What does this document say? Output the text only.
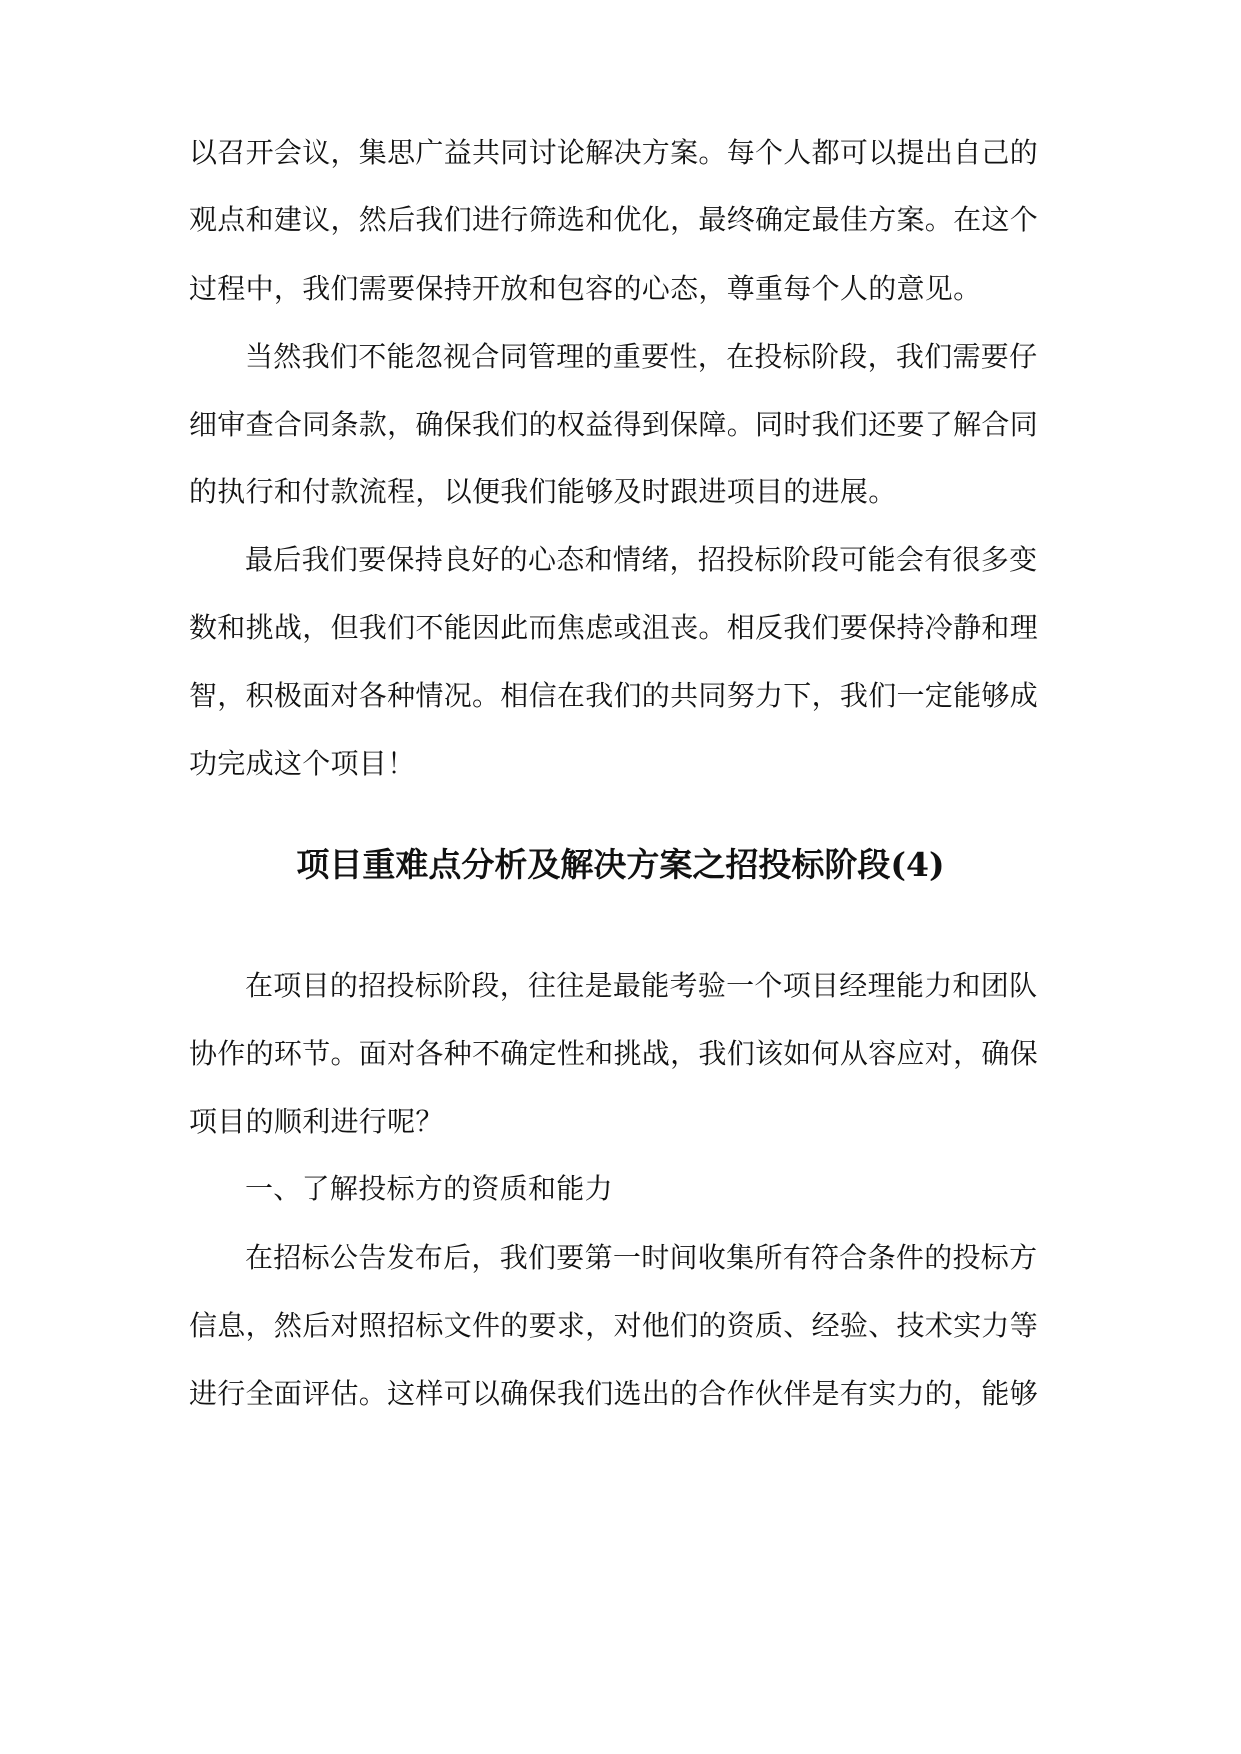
以召开会议，集思广益共同讨论解决方案。每个人都可以提出自己的
观点和建议，然后我们进行筛选和优化，最终确定最佳方案。在这个
过程中，我们需要保持开放和包容的心态，尊重每个人的意见。
当然我们不能忽视合同管理的重要性，在投标阶段，我们需要仔
细审查合同条款，确保我们的权益得到保障。同时我们还要了解合同
的执行和付款流程，以便我们能够及时跟进项目的进展。
最后我们要保持良好的心态和情绪，招投标阶段可能会有很多变
数和挑战，但我们不能因此而焦虑或沮丧。相反我们要保持冷静和理
智，积极面对各种情况。相信在我们的共同努力下，我们一定能够成
功完成这个项目！
项目重难点分析及解决方案之招投标阶段(4)
在项目的招投标阶段，往往是最能考验一个项目经理能力和团队
协作的环节。面对各种不确定性和挑战，我们该如何从容应对，确保
项目的顺利进行呢？
一、了解投标方的资质和能力
在招标公告发布后，我们要第一时间收集所有符合条件的投标方
信息，然后对照招标文件的要求，对他们的资质、经验、技术实力等
进行全面评估。这样可以确保我们选出的合作伙伴是有实力的，能够
